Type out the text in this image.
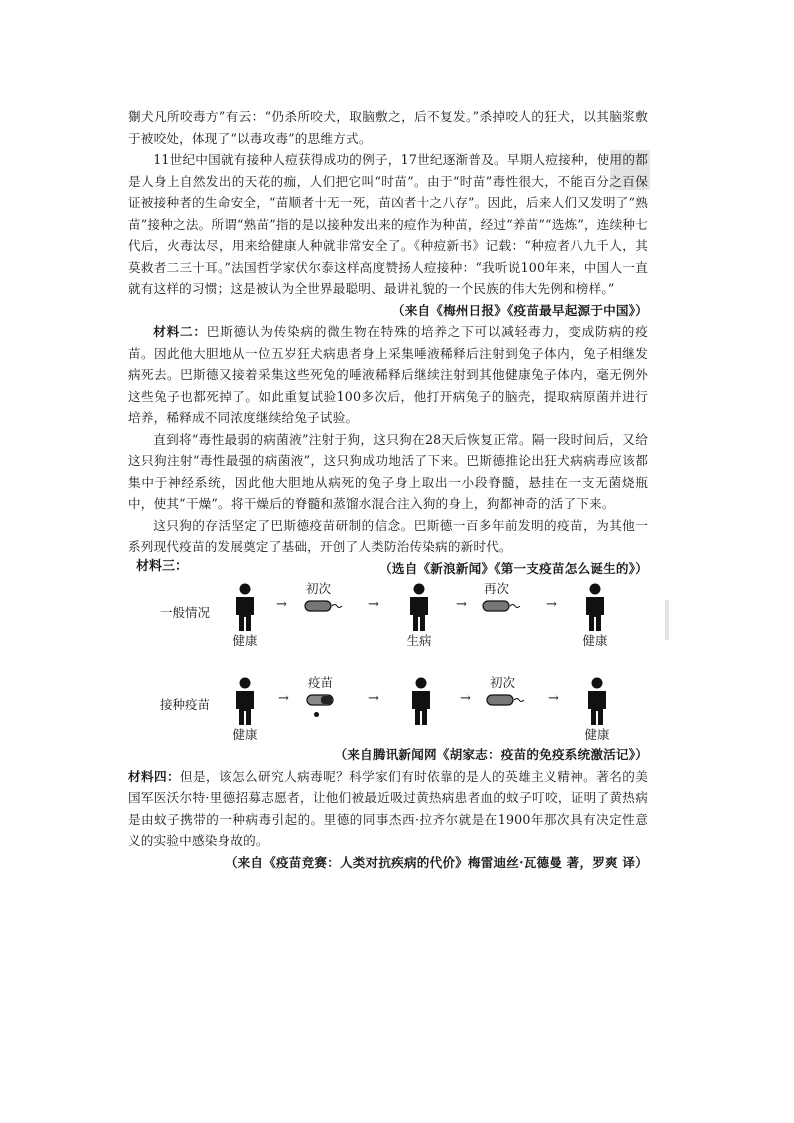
猘犬凡所咬毒方”有云：“仍杀所咬犬，取脑敷之，后不复发。”杀掉咬人的狂犬，以其脑浆敷于被咬处，体现了“以毒攻毒”的思维方式。

11世纪中国就有接种人痘获得成功的例子，17世纪逐渐普及。早期人痘接种，使用的都是人身上自然发出的天花的痂，人们把它叫“时苗”。由于“时苗”毒性很大，不能百分之百保证被接种者的生命安全，“苗顺者十无一死，苗凶者十之八存”。因此，后来人们又发明了“熟苗”接种之法。所谓“熟苗”指的是以接种发出来的痘作为种苗，经过“养苗”“选炼”，连续种七代后，火毒汰尽，用来给健康人种就非常安全了。《种痘新书》记载：“种痘者八九千人，其莫救者二三十耳。”法国哲学家伏尔泰这样高度赞扬人痘接种：“我听说100年来，中国人一直就有这样的习惯；这是被认为全世界最聪明、最讲礼貌的一个民族的伟大先例和榜样。”

（来自《梅州日报》《疫苗最早起源于中国》）

材料二：巴斯德认为传染病的微生物在特殊的培养之下可以减轻毒力，变成防病的疫苗。因此他大胆地从一位五岁狂犬病患者身上采集唾液稀释后注射到兔子体内，兔子相继发病死去。巴斯德又接着采集这些死兔的唾液稀释后继续注射到其他健康兔子体内，毫无例外这些兔子也都死掉了。如此重复试验100多次后，他打开病兔子的脑壳，提取病原菌并进行培养，稀释成不同浓度继续给兔子试验。

直到将“毒性最弱的病菌液”注射于狗，这只狗在28天后恢复正常。隔一段时间后，又给这只狗注射“毒性最强的病菌液”，这只狗成功地活了下来。巴斯德推论出狂犬病病毒应该都集中于神经系统，因此他大胆地从病死的兔子身上取出一小段脊髓，悬挂在一支无菌烧瓶中，使其“干燥”。将干燥后的脊髓和蒸馏水混合注入狗的身上，狗都神奇的活了下来。

这只狗的存活坚定了巴斯德疫苗研制的信念。巴斯德一百多年前发明的疫苗，为其他一系列现代疫苗的发展奠定了基础，开创了人类防治传染病的新时代。

（选自《新浪新闻》《第一支疫苗怎么诞生的》）

材料三：
一般情况
健康
→
初次
→
生病
→
再次
→
健康
接种疫苗
健康
→
疫苗
→	→
初次
→
健康

（来自腾讯新闻网《胡家志：疫苗的免疫系统激活记》）

材料四：但是，该怎么研究人病毒呢？科学家们有时依靠的是人的英雄主义精神。著名的美国军医沃尔特·里德招募志愿者，让他们被最近吸过黄热病患者血的蚊子叮咬，证明了黄热病是由蚊子携带的一种病毒引起的。里德的同事杰西·拉齐尔就是在1900年那次具有决定性意义的实验中感染身故的。

（来自《疫苗竞赛：人类对抗疾病的代价》梅雷迪丝·瓦德曼 著，罗爽 译）
